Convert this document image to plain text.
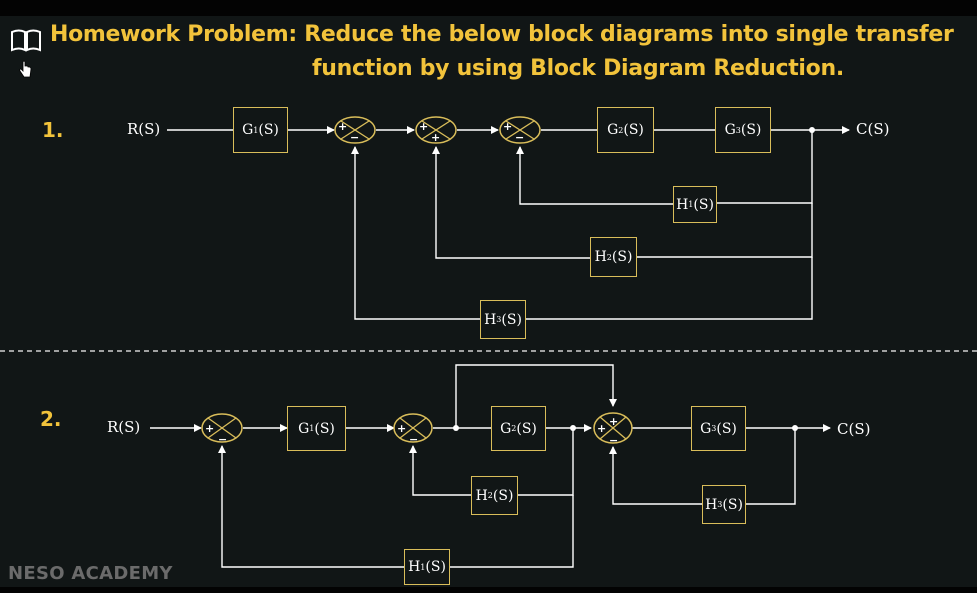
Homework Problem: Reduce the below block diagrams into single transfer
function by using Block Diagram Reduction.
+
−
+
+
+
−
+
−
+
−
+
+
−
1.	R(S)	C(S)
G 1 (S)	G 2 (S)	G 3 (S)
H 1 (S)
H 2 (S)
H 3 (S)
2.	R(S)	C(S)
G 1 (S)	G 2 (S)	G 3 (S)
H 1 (S)
H 2 (S)
H 3 (S)
NESO ACADEMY
